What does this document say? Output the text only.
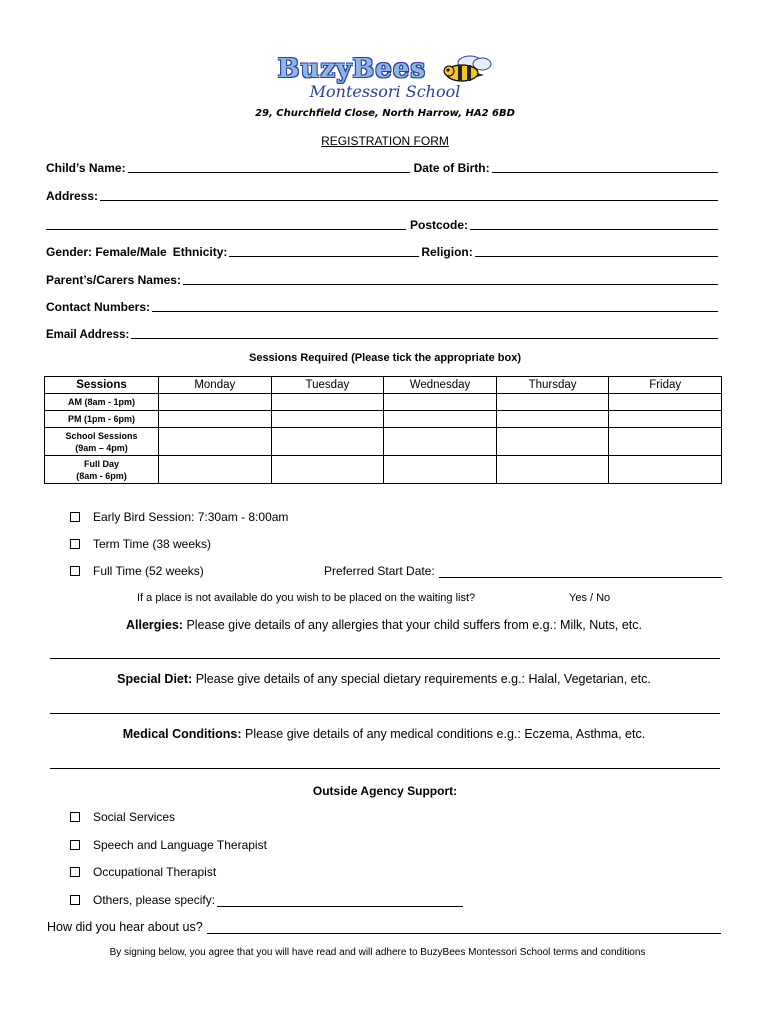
BuzyBees
Montessori School
29, Churchfield Close, North Harrow, HA2 6BD
REGISTRATION FORM
Child’s Name:	Date of Birth:
Address:
Postcode:
Gender: Female/Male Ethnicity:	Religion:
Parent’s/Carers Names:
Contact Numbers:
Email Address:
Sessions Required (Please tick the appropriate box)
Sessions	Monday	Tuesday	Wednesday	Thursday	Friday
AM (8am - 1pm)					
PM (1pm - 6pm)					
School Sessions
(9am – 4pm)					
Full Day
(8am - 6pm)					
Early Bird Session: 7:30am - 8:00am
Term Time (38 weeks)
Full Time (52 weeks)	Preferred Start Date:
If a place is not available do you wish to be placed on the waiting list?	Yes / No
Allergies: Please give details of any allergies that your child suffers from e.g.: Milk, Nuts, etc.
Special Diet: Please give details of any special dietary requirements e.g.: Halal, Vegetarian, etc.
Medical Conditions: Please give details of any medical conditions e.g.: Eczema, Asthma, etc.
Outside Agency Support:
Social Services
Speech and Language Therapist
Occupational Therapist
Others, please specify:
How did you hear about us?
By signing below, you agree that you will have read and will adhere to BuzyBees Montessori School terms and conditions
